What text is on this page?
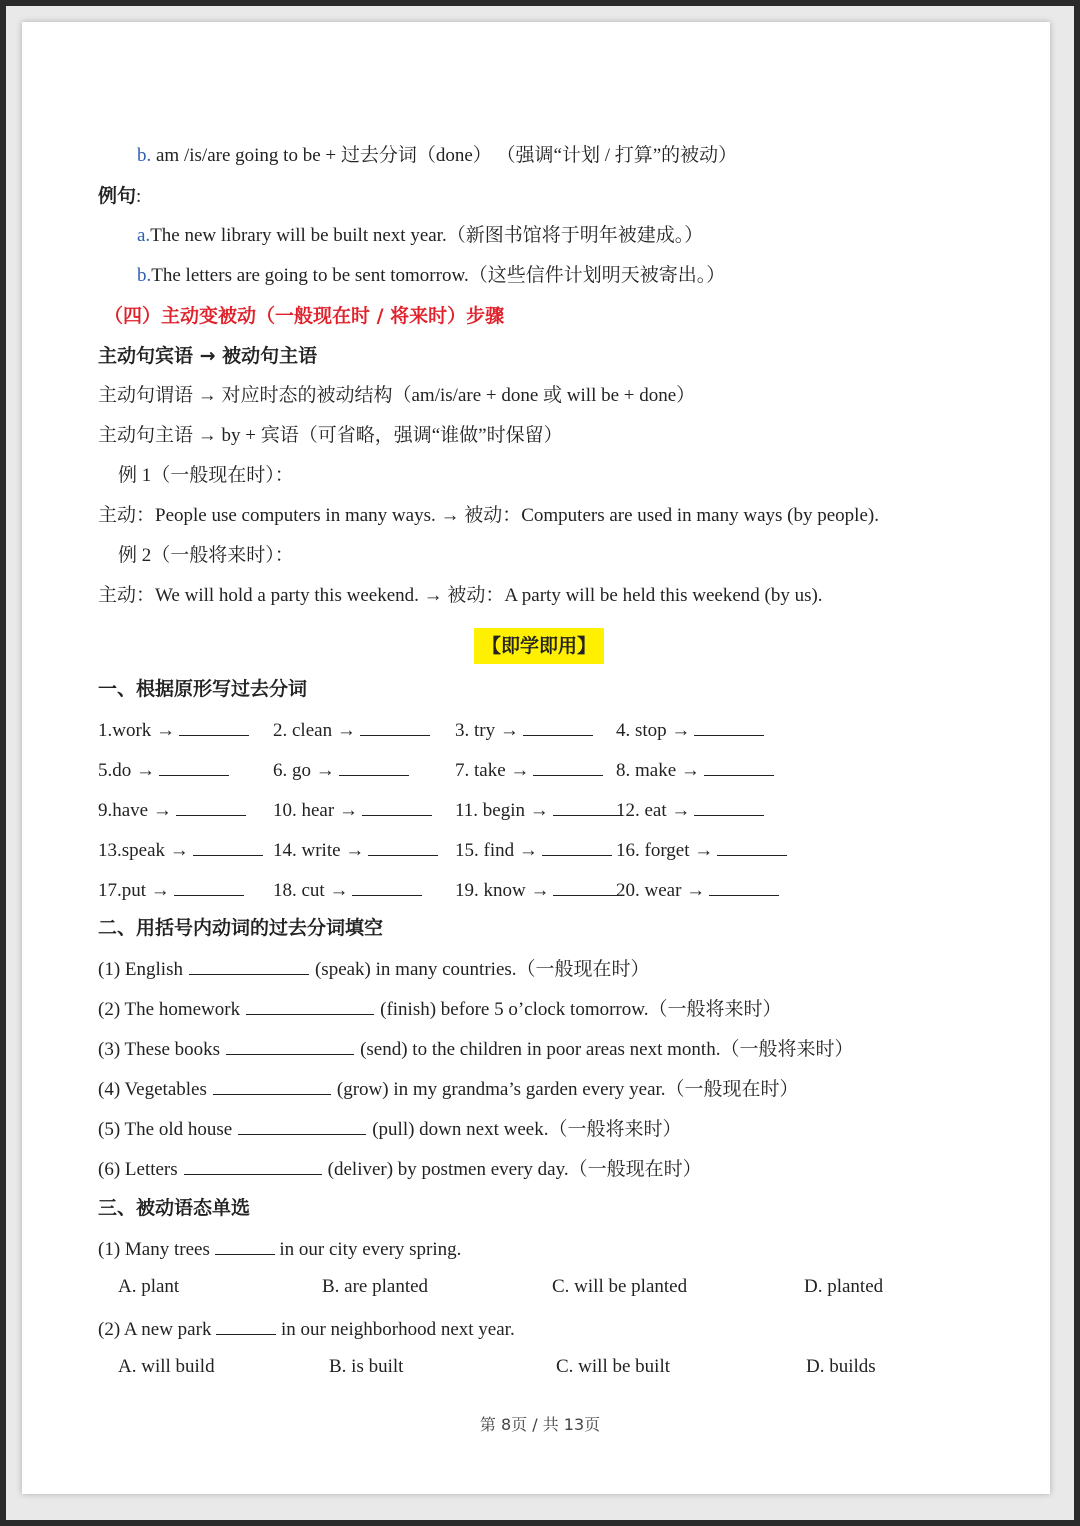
b. am /is/are going to be + 过去分词（done） （强调“计划 / 打算”的被动）
例句:
a.The new library will be built next year.（新图书馆将于明年被建成。）
b.The letters are going to be sent tomorrow.（这些信件计划明天被寄出。）
（四）主动变被动（一般现在时 / 将来时）步骤
主动句宾语 → 被动句主语
主动句谓语 → 对应时态的被动结构（am/is/are + done 或 will be + done）
主动句主语 → by + 宾语（可省略，强调“谁做”时保留）
例 1（一般现在时）：
主动：People use computers in many ways. → 被动：Computers are used in many ways (by people).
例 2（一般将来时）：
主动：We will hold a party this weekend. → 被动：A party will be held this weekend (by us).
【即学即用】
一、根据原形写过去分词
1.work →	2. clean →	3. try →	4. stop →
5.do →	6. go →	7. take →	8. make →
9.have →	10. hear →	11. begin →	12. eat →
13.speak →	14. write →	15. find →	16. forget →
17.put →	18. cut →	19. know →	20. wear →
二、用括号内动词的过去分词填空
(1) English	(speak) in many countries.（一般现在时）
(2) The homework	(finish) before 5 o’clock tomorrow.（一般将来时）
(3) These books	(send) to the children in poor areas next month.（一般将来时）
(4) Vegetables	(grow) in my grandma’s garden every year.（一般现在时）
(5) The old house	(pull) down next week.（一般将来时）
(6) Letters	(deliver) by postmen every day.（一般现在时）
三、被动语态单选
(1) Many trees	in our city every spring.
A. plant	B. are planted	C. will be planted	D. planted
(2) A new park	in our neighborhood next year.
A. will build	B. is built	C. will be built	D. builds
第 8页 / 共 13页
